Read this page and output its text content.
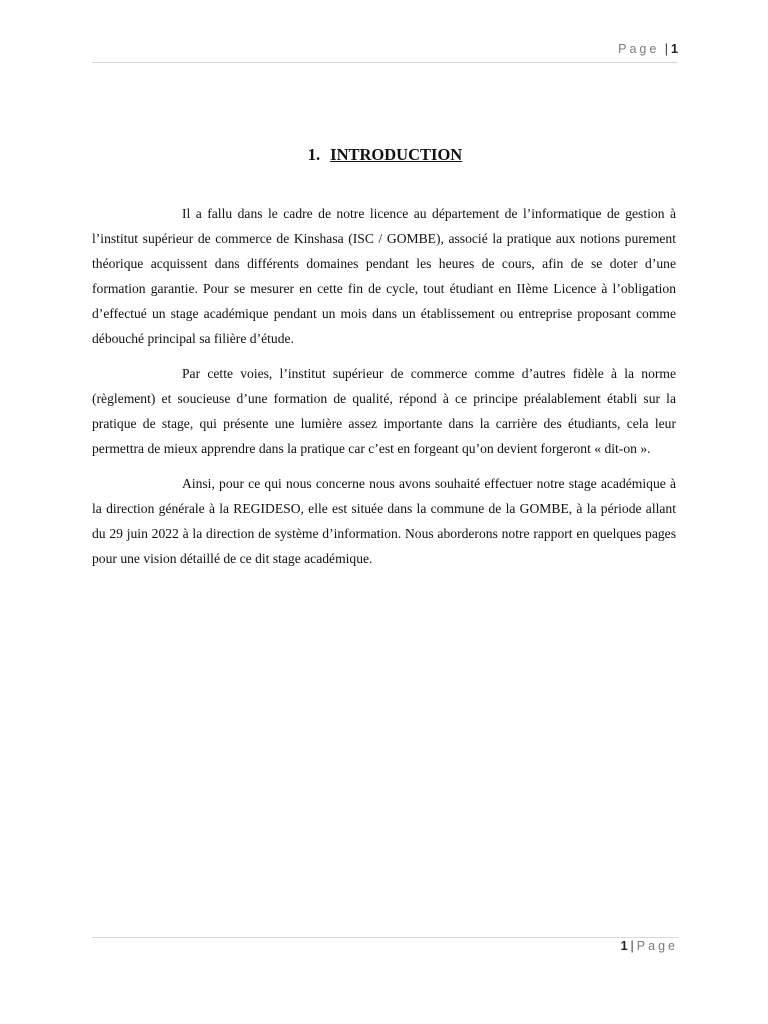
Page | 1
1. INTRODUCTION

Il a fallu dans le cadre de notre licence au département de l’informatique de gestion à l’institut supérieur de commerce de Kinshasa (ISC / GOMBE), associé la pratique aux notions purement théorique acquissent dans différents domaines pendant les heures de cours, afin de se doter d’une formation garantie. Pour se mesurer en cette fin de cycle, tout étudiant en IIème Licence à l’obligation d’effectué un stage académique pendant un mois dans un établissement ou entreprise proposant comme débouché principal sa filière d’étude.

Par cette voies, l’institut supérieur de commerce comme d’autres fidèle à la norme (règlement) et soucieuse d’une formation de qualité, répond à ce principe préalablement établi sur la pratique de stage, qui présente une lumière assez importante dans la carrière des étudiants, cela leur permettra de mieux apprendre dans la pratique car c’est en forgeant qu’on devient forgeront « dit-on ».

Ainsi, pour ce qui nous concerne nous avons souhaité effectuer notre stage académique à la direction générale à la REGIDESO, elle est située dans la commune de la GOMBE, à la période allant du 29 juin 2022 à la direction de système d’information. Nous aborderons notre rapport en quelques pages pour une vision détaillé de ce dit stage académique.

1 | Page
